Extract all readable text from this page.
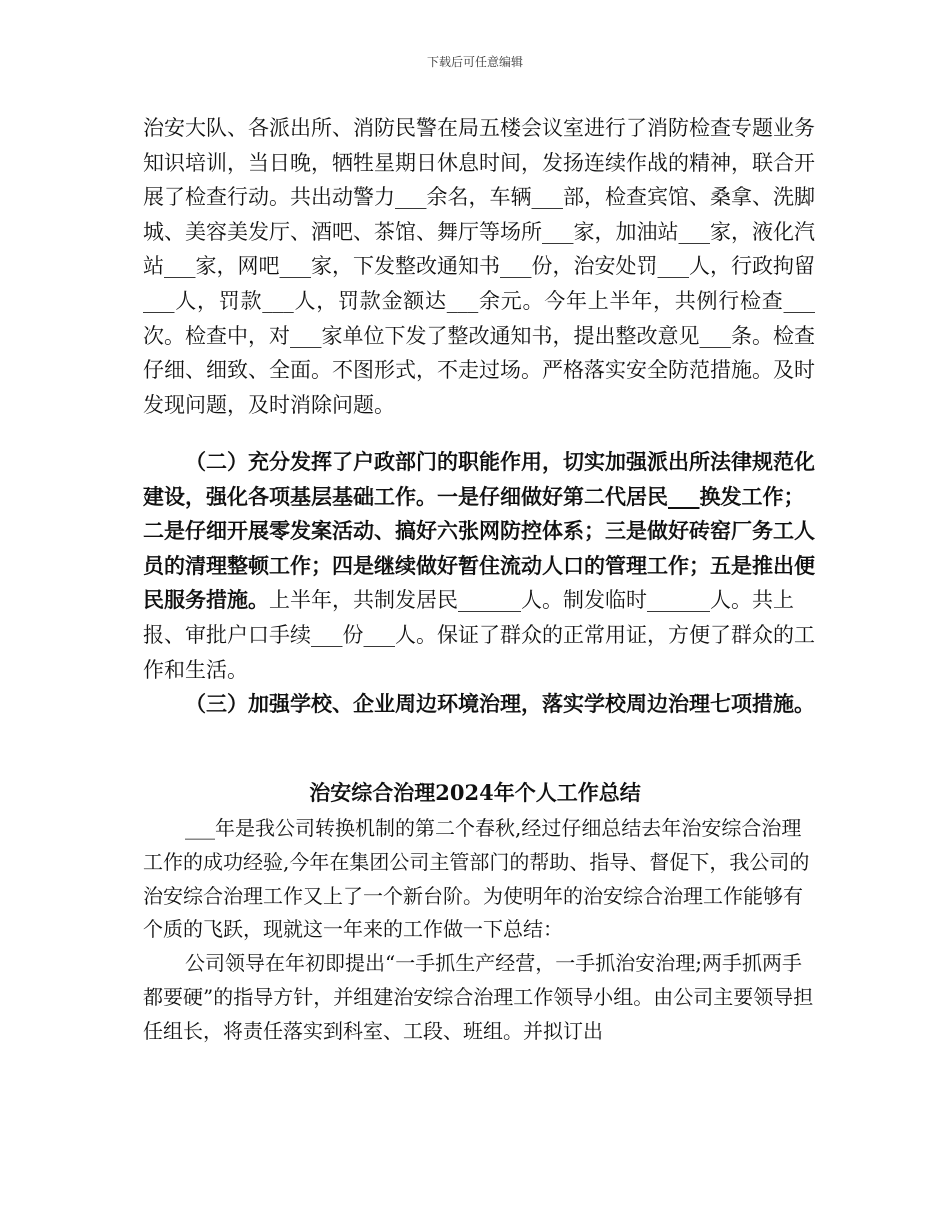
下载后可任意编辑

治安大队、各派出所、消防民警在局五楼会议室进行了消防检查专题业务知识培训，当日晚，牺牲星期日休息时间，发扬连续作战的精神，联合开展了检查行动。共出动警力___余名，车辆___部，检查宾馆、桑拿、洗脚城、美容美发厅、酒吧、茶馆、舞厅等场所___家，加油站___家，液化汽站___家，网吧___家，下发整改通知书___份，治安处罚___人，行政拘留___人，罚款___人，罚款金额达___余元。今年上半年，共例行检查___次。检查中，对___家单位下发了整改通知书，提出整改意见___条。检查仔细、细致、全面。不图形式，不走过场。严格落实安全防范措施。及时发现问题，及时消除问题。

（二）充分发挥了户政部门的职能作用，切实加强派出所法律规范化建设，强化各项基层基础工作。一是仔细做好第二代居民___换发工作；二是仔细开展零发案活动、搞好六张网防控体系；三是做好砖窑厂务工人员的清理整顿工作；四是继续做好暂住流动人口的管理工作；五是推出便民服务措施。上半年，共制发居民______人。制发临时______人。共上报、审批户口手续___份___人。保证了群众的正常用证，方便了群众的工作和生活。

（三）加强学校、企业周边环境治理，落实学校周边治理七项措施。

治安综合治理2024年个人工作总结

___年是我公司转换机制的第二个春秋,经过仔细总结去年治安综合治理工作的成功经验,今年在集团公司主管部门的帮助、指导、督促下，我公司的治安综合治理工作又上了一个新台阶。为使明年的治安综合治理工作能够有个质的飞跃，现就这一年来的工作做一下总结：

公司领导在年初即提出“一手抓生产经营，一手抓治安治理;两手抓两手都要硬”的指导方针，并组建治安综合治理工作领导小组。由公司主要领导担任组长，将责任落实到科室、工段、班组。并拟订出
